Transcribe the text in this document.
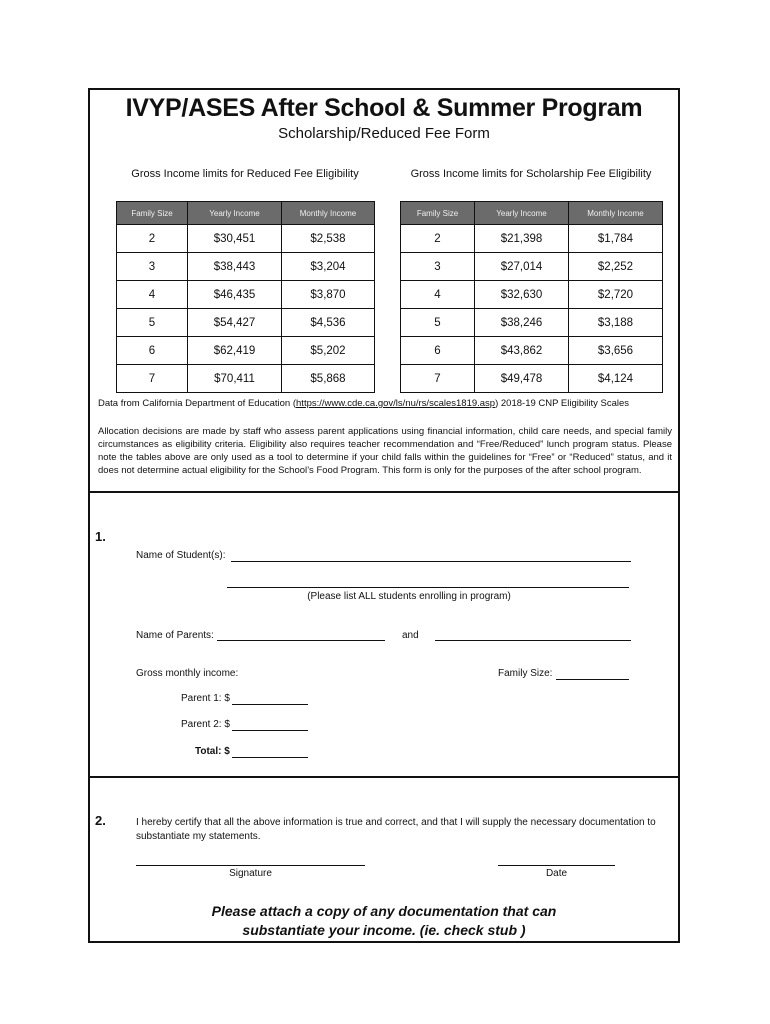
IVYP/ASES After School & Summer Program
Scholarship/Reduced Fee Form
Gross Income limits for Reduced Fee Eligibility	Gross Income limits for Scholarship Fee Eligibility
Family Size	Yearly Income	Monthly Income
2	$30,451	$2,538
3	$38,443	$3,204
4	$46,435	$3,870
5	$54,427	$4,536
6	$62,419	$5,202
7	$70,411	$5,868
Family Size	Yearly Income	Monthly Income
2	$21,398	$1,784
3	$27,014	$2,252
4	$32,630	$2,720
5	$38,246	$3,188
6	$43,862	$3,656
7	$49,478	$4,124
Data from California Department of Education (https://www.cde.ca.gov/ls/nu/rs/scales1819.asp) 2018-19 CNP Eligibility Scales
Allocation decisions are made by staff who assess parent applications using financial information, child care needs, and special family circumstances as eligibility criteria. Eligibility also requires teacher recommendation and “Free/Reduced” lunch program status. Please note the tables above are only used as a tool to determine if your child falls within the guidelines for “Free” or “Reduced” status, and it does not determine actual eligibility for the School’s Food Program. This form is only for the purposes of the after school program.
1.
Name of Student(s):
(Please list ALL students enrolling in program)
Name of Parents:	and
Gross monthly income:	Family Size:
Parent 1: $
Parent 2: $
Total: $
2.	I hereby certify that all the above information is true and correct, and that I will supply the necessary documentation to substantiate my statements.
Signature	Date
Please attach a copy of any documentation that can
substantiate your income. (ie. check stub )
